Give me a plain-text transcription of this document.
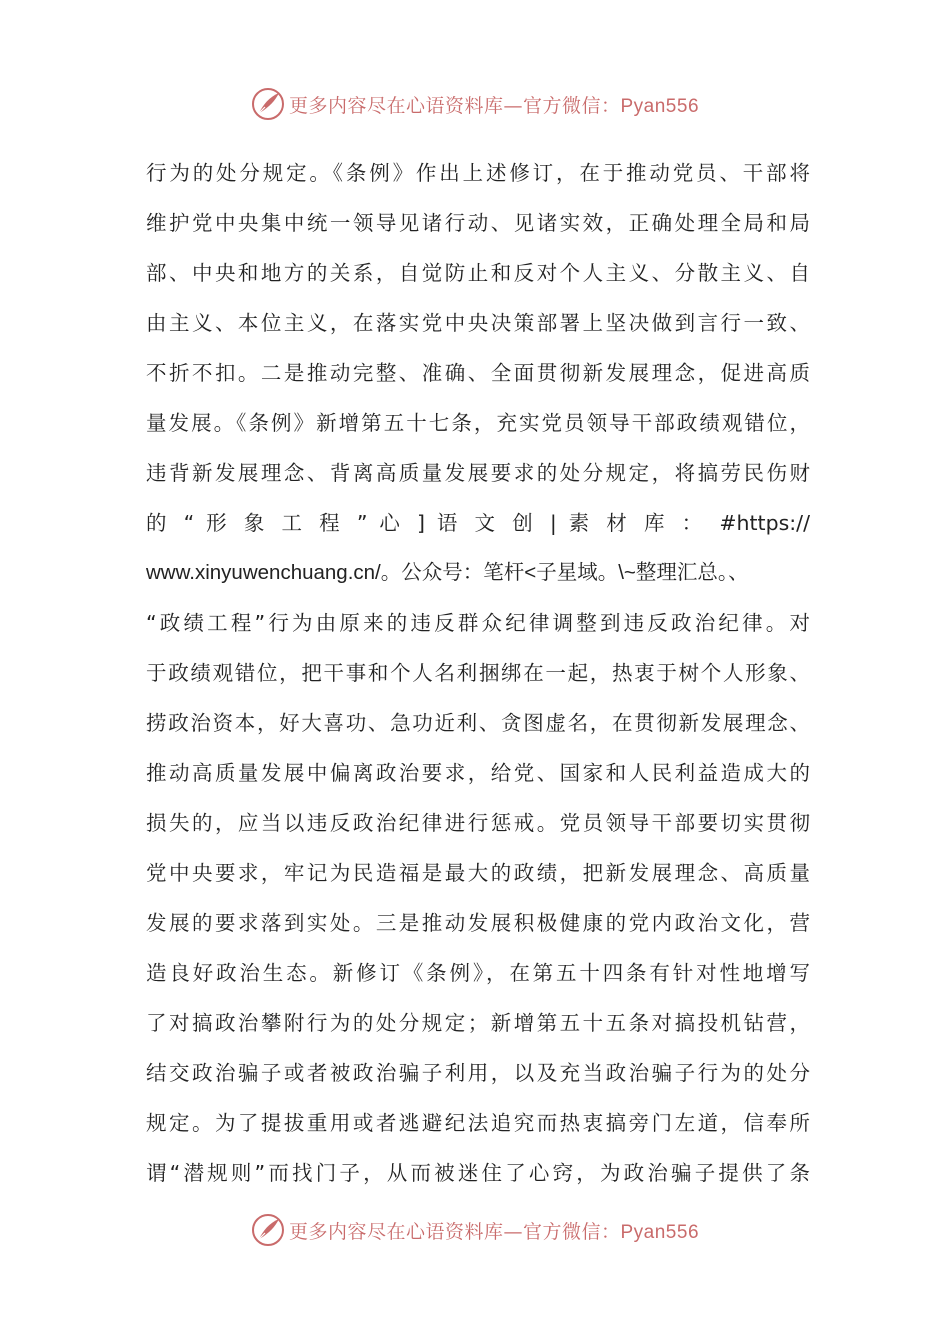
更多内容尽在心语资料库—官方微信：Pyan556
行为的处分规定。《条例》作出上述修订，在于推动党员、干部将
维护党中央集中统一领导见诸行动、见诸实效，正确处理全局和局
部、中央和地方的关系，自觉防止和反对个人主义、分散主义、自
由主义、本位主义，在落实党中央决策部署上坚决做到言行一致、
不折不扣。二是推动完整、准确、全面贯彻新发展理念，促进高质
量发展。《条例》新增第五十七条，充实党员领导干部政绩观错位，
违背新发展理念、背离高质量发展要求的处分规定，将搞劳民伤财
的 “ 形 象 工 程 ” 心 ] 语 文 创 | 素 材 库 ： #https://
www.xinyuwenchuang.cn/。公众号：笔杆<子星域。\~整理汇总。、
“政绩工程”行为由原来的违反群众纪律调整到违反政治纪律。对
于政绩观错位，把干事和个人名利捆绑在一起，热衷于树个人形象、
捞政治资本，好大喜功、急功近利、贪图虚名，在贯彻新发展理念、
推动高质量发展中偏离政治要求，给党、国家和人民利益造成大的
损失的，应当以违反政治纪律进行惩戒。党员领导干部要切实贯彻
党中央要求，牢记为民造福是最大的政绩，把新发展理念、高质量
发展的要求落到实处。三是推动发展积极健康的党内政治文化，营
造良好政治生态。新修订《条例》，在第五十四条有针对性地增写
了对搞政治攀附行为的处分规定；新增第五十五条对搞投机钻营，
结交政治骗子或者被政治骗子利用，以及充当政治骗子行为的处分
规定。为了提拔重用或者逃避纪法追究而热衷搞旁门左道，信奉所
谓“潜规则”而找门子，从而被迷住了心窍，为政治骗子提供了条
更多内容尽在心语资料库—官方微信：Pyan556
